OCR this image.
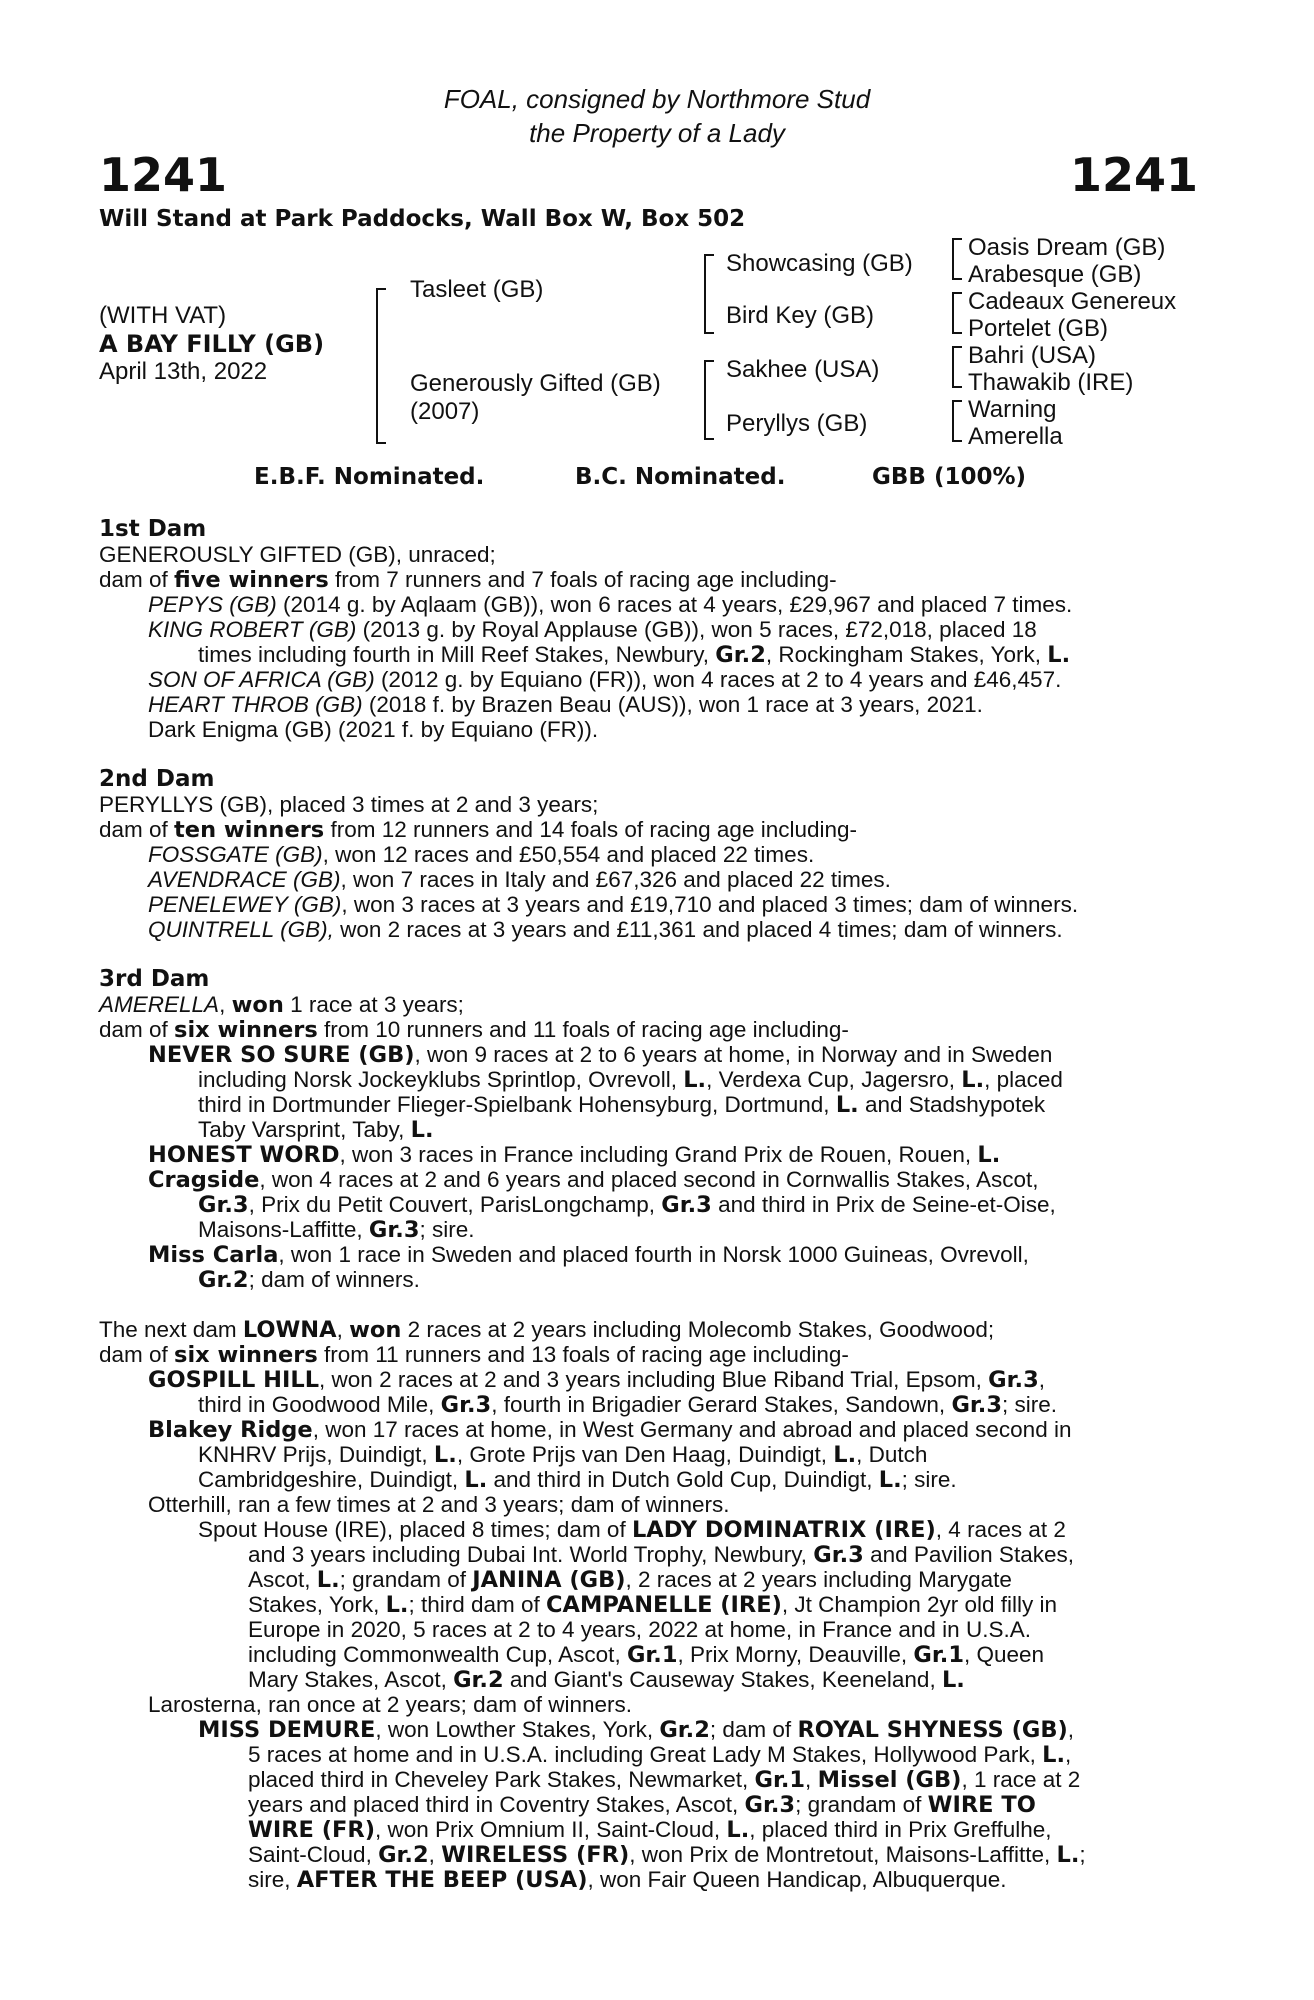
FOAL, consigned by Northmore Stud
the Property of a Lady
1241	1241
Will Stand at Park Paddocks, Wall Box W, Box 502
(WITH VAT)
A BAY FILLY (GB)
April 13th, 2022
Tasleet (GB)
Generously Gifted (GB)
(2007)
Showcasing (GB)
Bird Key (GB)
Sakhee (USA)
Peryllys (GB)
Oasis Dream (GB)
Arabesque (GB)
Cadeaux Genereux
Portelet (GB)
Bahri (USA)
Thawakib (IRE)
Warning
Amerella
E.B.F. Nominated.	B.C. Nominated.	GBB (100%)
1st Dam
GENEROUSLY GIFTED (GB), unraced;
dam of five winners from 7 runners and 7 foals of racing age including-
PEPYS (GB) (2014 g. by Aqlaam (GB)), won 6 races at 4 years, £29,967 and placed 7 times.
KING ROBERT (GB) (2013 g. by Royal Applause (GB)), won 5 races, £72,018, placed 18
times including fourth in Mill Reef Stakes, Newbury, Gr.2, Rockingham Stakes, York, L.
SON OF AFRICA (GB) (2012 g. by Equiano (FR)), won 4 races at 2 to 4 years and £46,457.
HEART THROB (GB) (2018 f. by Brazen Beau (AUS)), won 1 race at 3 years, 2021.
Dark Enigma (GB) (2021 f. by Equiano (FR)).
2nd Dam
PERYLLYS (GB), placed 3 times at 2 and 3 years;
dam of ten winners from 12 runners and 14 foals of racing age including-
FOSSGATE (GB), won 12 races and £50,554 and placed 22 times.
AVENDRACE (GB), won 7 races in Italy and £67,326 and placed 22 times.
PENELEWEY (GB), won 3 races at 3 years and £19,710 and placed 3 times; dam of winners.
QUINTRELL (GB), won 2 races at 3 years and £11,361 and placed 4 times; dam of winners.
3rd Dam
AMERELLA, won 1 race at 3 years;
dam of six winners from 10 runners and 11 foals of racing age including-
NEVER SO SURE (GB), won 9 races at 2 to 6 years at home, in Norway and in Sweden
including Norsk Jockeyklubs Sprintlop, Ovrevoll, L., Verdexa Cup, Jagersro, L., placed
third in Dortmunder Flieger-Spielbank Hohensyburg, Dortmund, L. and Stadshypotek
Taby Varsprint, Taby, L.
HONEST WORD, won 3 races in France including Grand Prix de Rouen, Rouen, L.
Cragside, won 4 races at 2 and 6 years and placed second in Cornwallis Stakes, Ascot,
Gr.3, Prix du Petit Couvert, ParisLongchamp, Gr.3 and third in Prix de Seine-et-Oise,
Maisons-Laffitte, Gr.3; sire.
Miss Carla, won 1 race in Sweden and placed fourth in Norsk 1000 Guineas, Ovrevoll,
Gr.2; dam of winners.
The next dam LOWNA, won 2 races at 2 years including Molecomb Stakes, Goodwood;
dam of six winners from 11 runners and 13 foals of racing age including-
GOSPILL HILL, won 2 races at 2 and 3 years including Blue Riband Trial, Epsom, Gr.3,
third in Goodwood Mile, Gr.3, fourth in Brigadier Gerard Stakes, Sandown, Gr.3; sire.
Blakey Ridge, won 17 races at home, in West Germany and abroad and placed second in
KNHRV Prijs, Duindigt, L., Grote Prijs van Den Haag, Duindigt, L., Dutch
Cambridgeshire, Duindigt, L. and third in Dutch Gold Cup, Duindigt, L.; sire.
Otterhill, ran a few times at 2 and 3 years; dam of winners.
Spout House (IRE), placed 8 times; dam of LADY DOMINATRIX (IRE), 4 races at 2
and 3 years including Dubai Int. World Trophy, Newbury, Gr.3 and Pavilion Stakes,
Ascot, L.; grandam of JANINA (GB), 2 races at 2 years including Marygate
Stakes, York, L.; third dam of CAMPANELLE (IRE), Jt Champion 2yr old filly in
Europe in 2020, 5 races at 2 to 4 years, 2022 at home, in France and in U.S.A.
including Commonwealth Cup, Ascot, Gr.1, Prix Morny, Deauville, Gr.1, Queen
Mary Stakes, Ascot, Gr.2 and Giant's Causeway Stakes, Keeneland, L.
Larosterna, ran once at 2 years; dam of winners.
MISS DEMURE, won Lowther Stakes, York, Gr.2; dam of ROYAL SHYNESS (GB),
5 races at home and in U.S.A. including Great Lady M Stakes, Hollywood Park, L.,
placed third in Cheveley Park Stakes, Newmarket, Gr.1, Missel (GB), 1 race at 2
years and placed third in Coventry Stakes, Ascot, Gr.3; grandam of WIRE TO
WIRE (FR), won Prix Omnium II, Saint-Cloud, L., placed third in Prix Greffulhe,
Saint-Cloud, Gr.2, WIRELESS (FR), won Prix de Montretout, Maisons-Laffitte, L.;
sire, AFTER THE BEEP (USA), won Fair Queen Handicap, Albuquerque.
